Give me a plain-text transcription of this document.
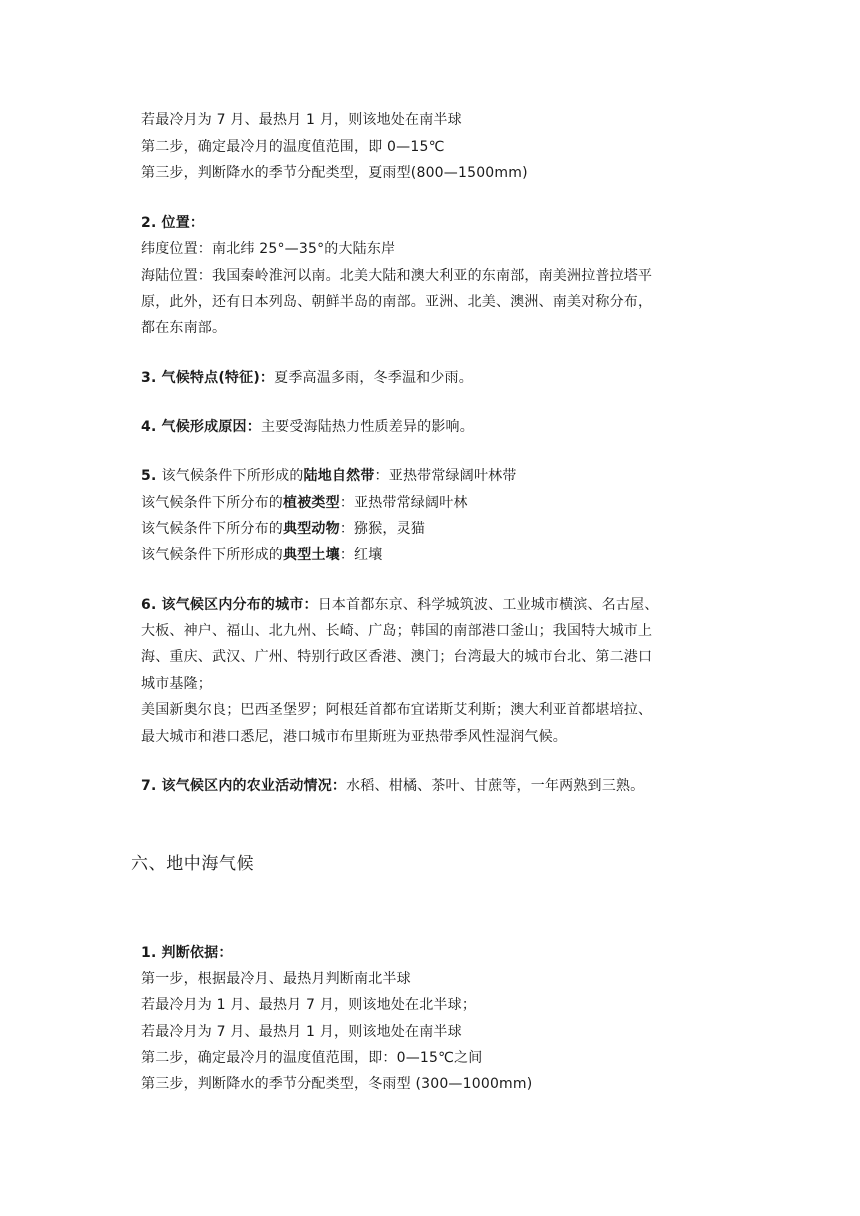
若最冷月为 7 月、最热月 1 月，则该地处在南半球
第二步，确定最冷月的温度值范围，即 0—15℃
第三步，判断降水的季节分配类型，夏雨型(800—1500mm)
2. 位置：
纬度位置：南北纬 25°—35°的大陆东岸
海陆位置：我国秦岭淮河以南。北美大陆和澳大利亚的东南部，南美洲拉普拉塔平
原，此外，还有日本列岛、朝鲜半岛的南部。亚洲、北美、澳洲、南美对称分布，
都在东南部。
3. 气候特点(特征)：夏季高温多雨，冬季温和少雨。
4. 气候形成原因：主要受海陆热力性质差异的影响。
5. 该气候条件下所形成的陆地自然带：亚热带常绿阔叶林带
该气候条件下所分布的植被类型：亚热带常绿阔叶林
该气候条件下所分布的典型动物：猕猴，灵猫
该气候条件下所形成的典型土壤：红壤
6. 该气候区内分布的城市：日本首都东京、科学城筑波、工业城市横滨、名古屋、
大板、神户、福山、北九州、长崎、广岛；韩国的南部港口釜山；我国特大城市上
海、重庆、武汉、广州、特别行政区香港、澳门；台湾最大的城市台北、第二港口
城市基隆；
美国新奥尔良；巴西圣堡罗；阿根廷首都布宜诺斯艾利斯；澳大利亚首都堪培拉、
最大城市和港口悉尼，港口城市布里斯班为亚热带季风性湿润气候。
7. 该气候区内的农业活动情况：水稻、柑橘、茶叶、甘蔗等，一年两熟到三熟。
六、地中海气候
1. 判断依据：
第一步，根据最冷月、最热月判断南北半球
若最冷月为 1 月、最热月 7 月，则该地处在北半球；
若最冷月为 7 月、最热月 1 月，则该地处在南半球
第二步，确定最冷月的温度值范围，即：0—15℃之间
第三步，判断降水的季节分配类型，冬雨型 (300—1000mm)
